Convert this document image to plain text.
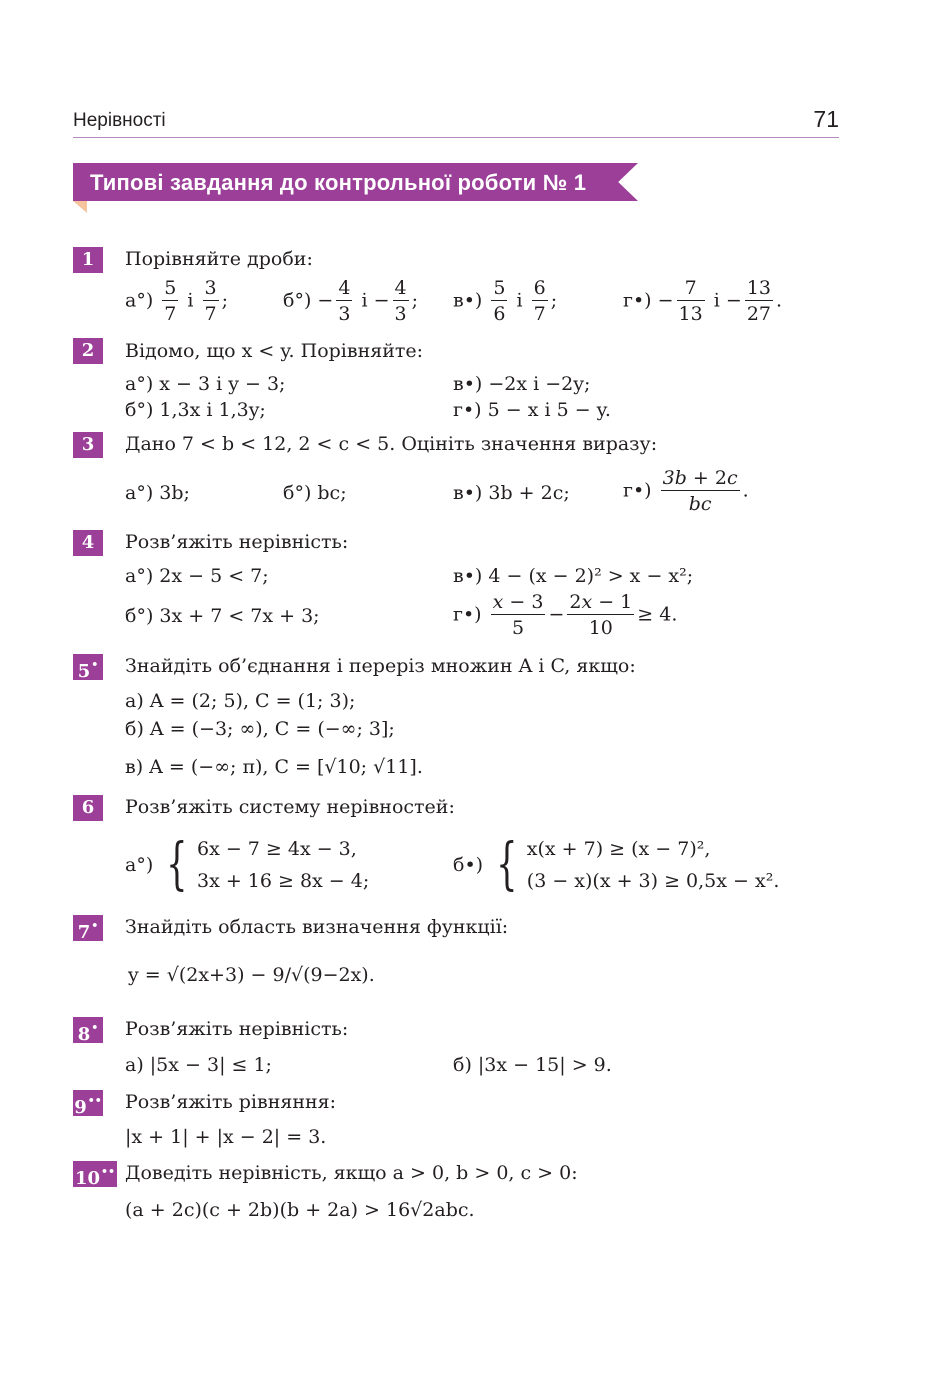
Нерівності	71
Типові завдання до контрольної роботи № 1
1	Порівняйте дроби:
$а^\circ) \frac{5}{7}$ і $\frac{3}{7}$ ;	$б^\circ) - \frac{4}{3}$ $і - \frac{4}{3}$ ; в•) $\frac{5}{6}$ і $\frac{6}{7}$ ;	г•) − $\frac{7}{13}$ $і - \frac{13}{27}$ .
2	Відомо, що x < y. Порівняйте:
а°) x − 3 і y − 3;	в•) −2x і −2y;
б°) 1,3x і 1,3y;	г•) 5 − x і 5 − y.
3	Дано 7 < b < 12, 2 < c < 5. Оцініть значення виразу:
а°) 3b;	б°) bc;	в•) 3b + 2c;	г•) $\frac{3b + 2c}{bc}$ .
4	Розв’яжіть нерівність:
а°) 2x − 5 < 7;	в•) 4 − (x − 2)² > x − x²;
б°) 3x + 7 < 7x + 3;	г•) $\frac{x - 3}{5} - \frac{2x - 1}{10} \ge 4$.
5• Знайдіть об’єднання і переріз множин A і C, якщо:
а) A = (2; 5), C = (1; 3);
б) A = (−3; ∞), C = (−∞; 3];
в) A = (−∞; π), C = [√10; √11].
6	Розв’яжіть систему нерівностей:
а°) { 6x − 7 ≥ 4x − 3,
3x + 16 ≥ 8x − 4;
б•) { x(x + 7) ≥ (x − 7)²,
(3 − x)(x + 3) ≥ 0,5x − x².
7• Знайдіть область визначення функції:
y = √(2x+3) − 9/√(9−2x).
8• Розв’яжіть нерівність:
а) |5x − 3| ≤ 1;	б) |3x − 15| > 9.
9•• Розв’яжіть рівняння:
|x + 1| + |x − 2| = 3.
10•• Доведіть нерівність, якщо a > 0, b > 0, c > 0:
(a + 2c)(c + 2b)(b + 2a) > 16√2abc.
